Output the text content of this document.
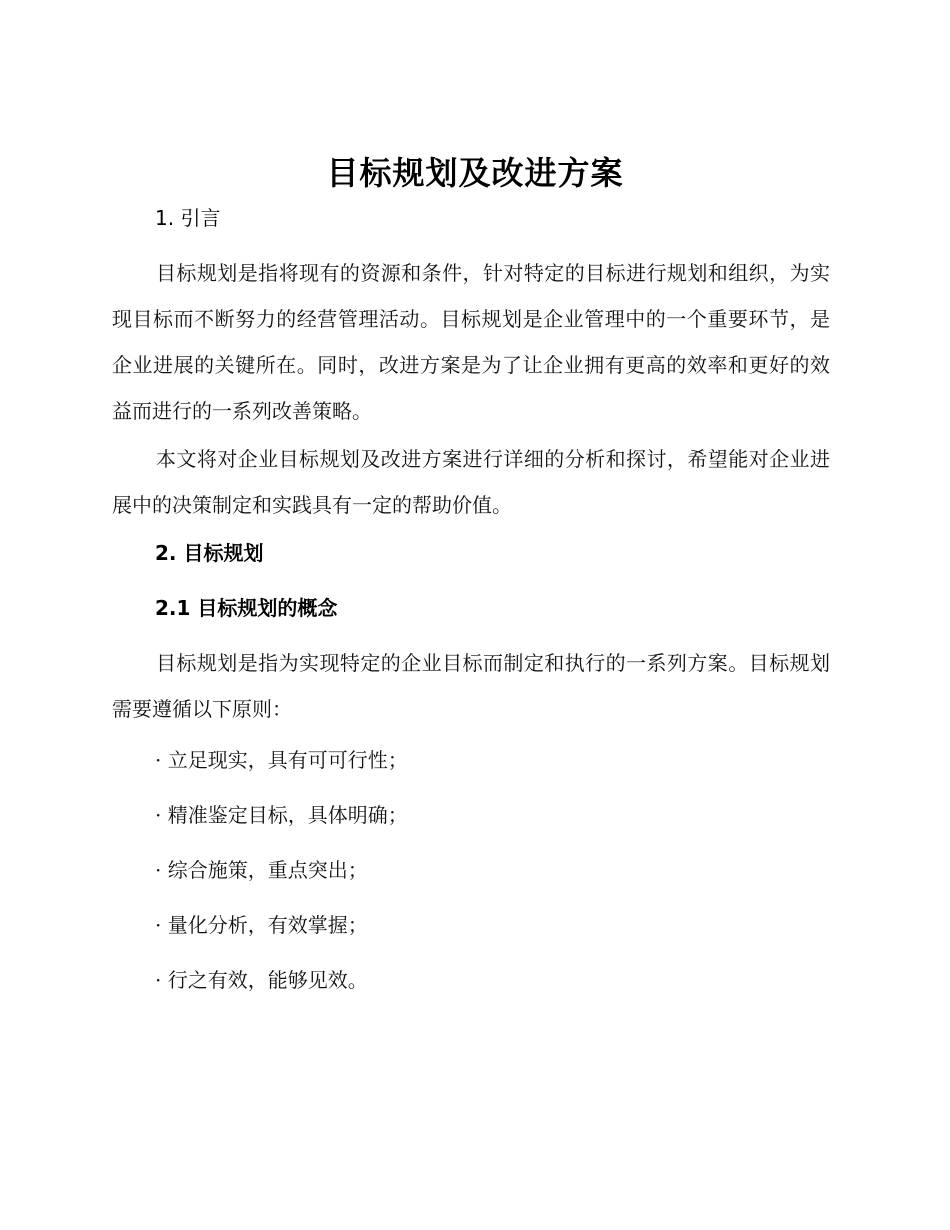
目标规划及改进方案
1. 引言

目标规划是指将现有的资源和条件，针对特定的目标进行规划和组织，为实现目标而不断努力的经营管理活动。目标规划是企业管理中的一个重要环节，是企业进展的关键所在。同时，改进方案是为了让企业拥有更高的效率和更好的效益而进行的一系列改善策略。

本文将对企业目标规划及改进方案进行详细的分析和探讨，希望能对企业进展中的决策制定和实践具有一定的帮助价值。

2. 目标规划
2.1 目标规划的概念

目标规划是指为实现特定的企业目标而制定和执行的一系列方案。目标规划需要遵循以下原则：

· 立足现实，具有可可行性；
· 精准鉴定目标，具体明确；
· 综合施策，重点突出；
· 量化分析，有效掌握；
· 行之有效，能够见效。
